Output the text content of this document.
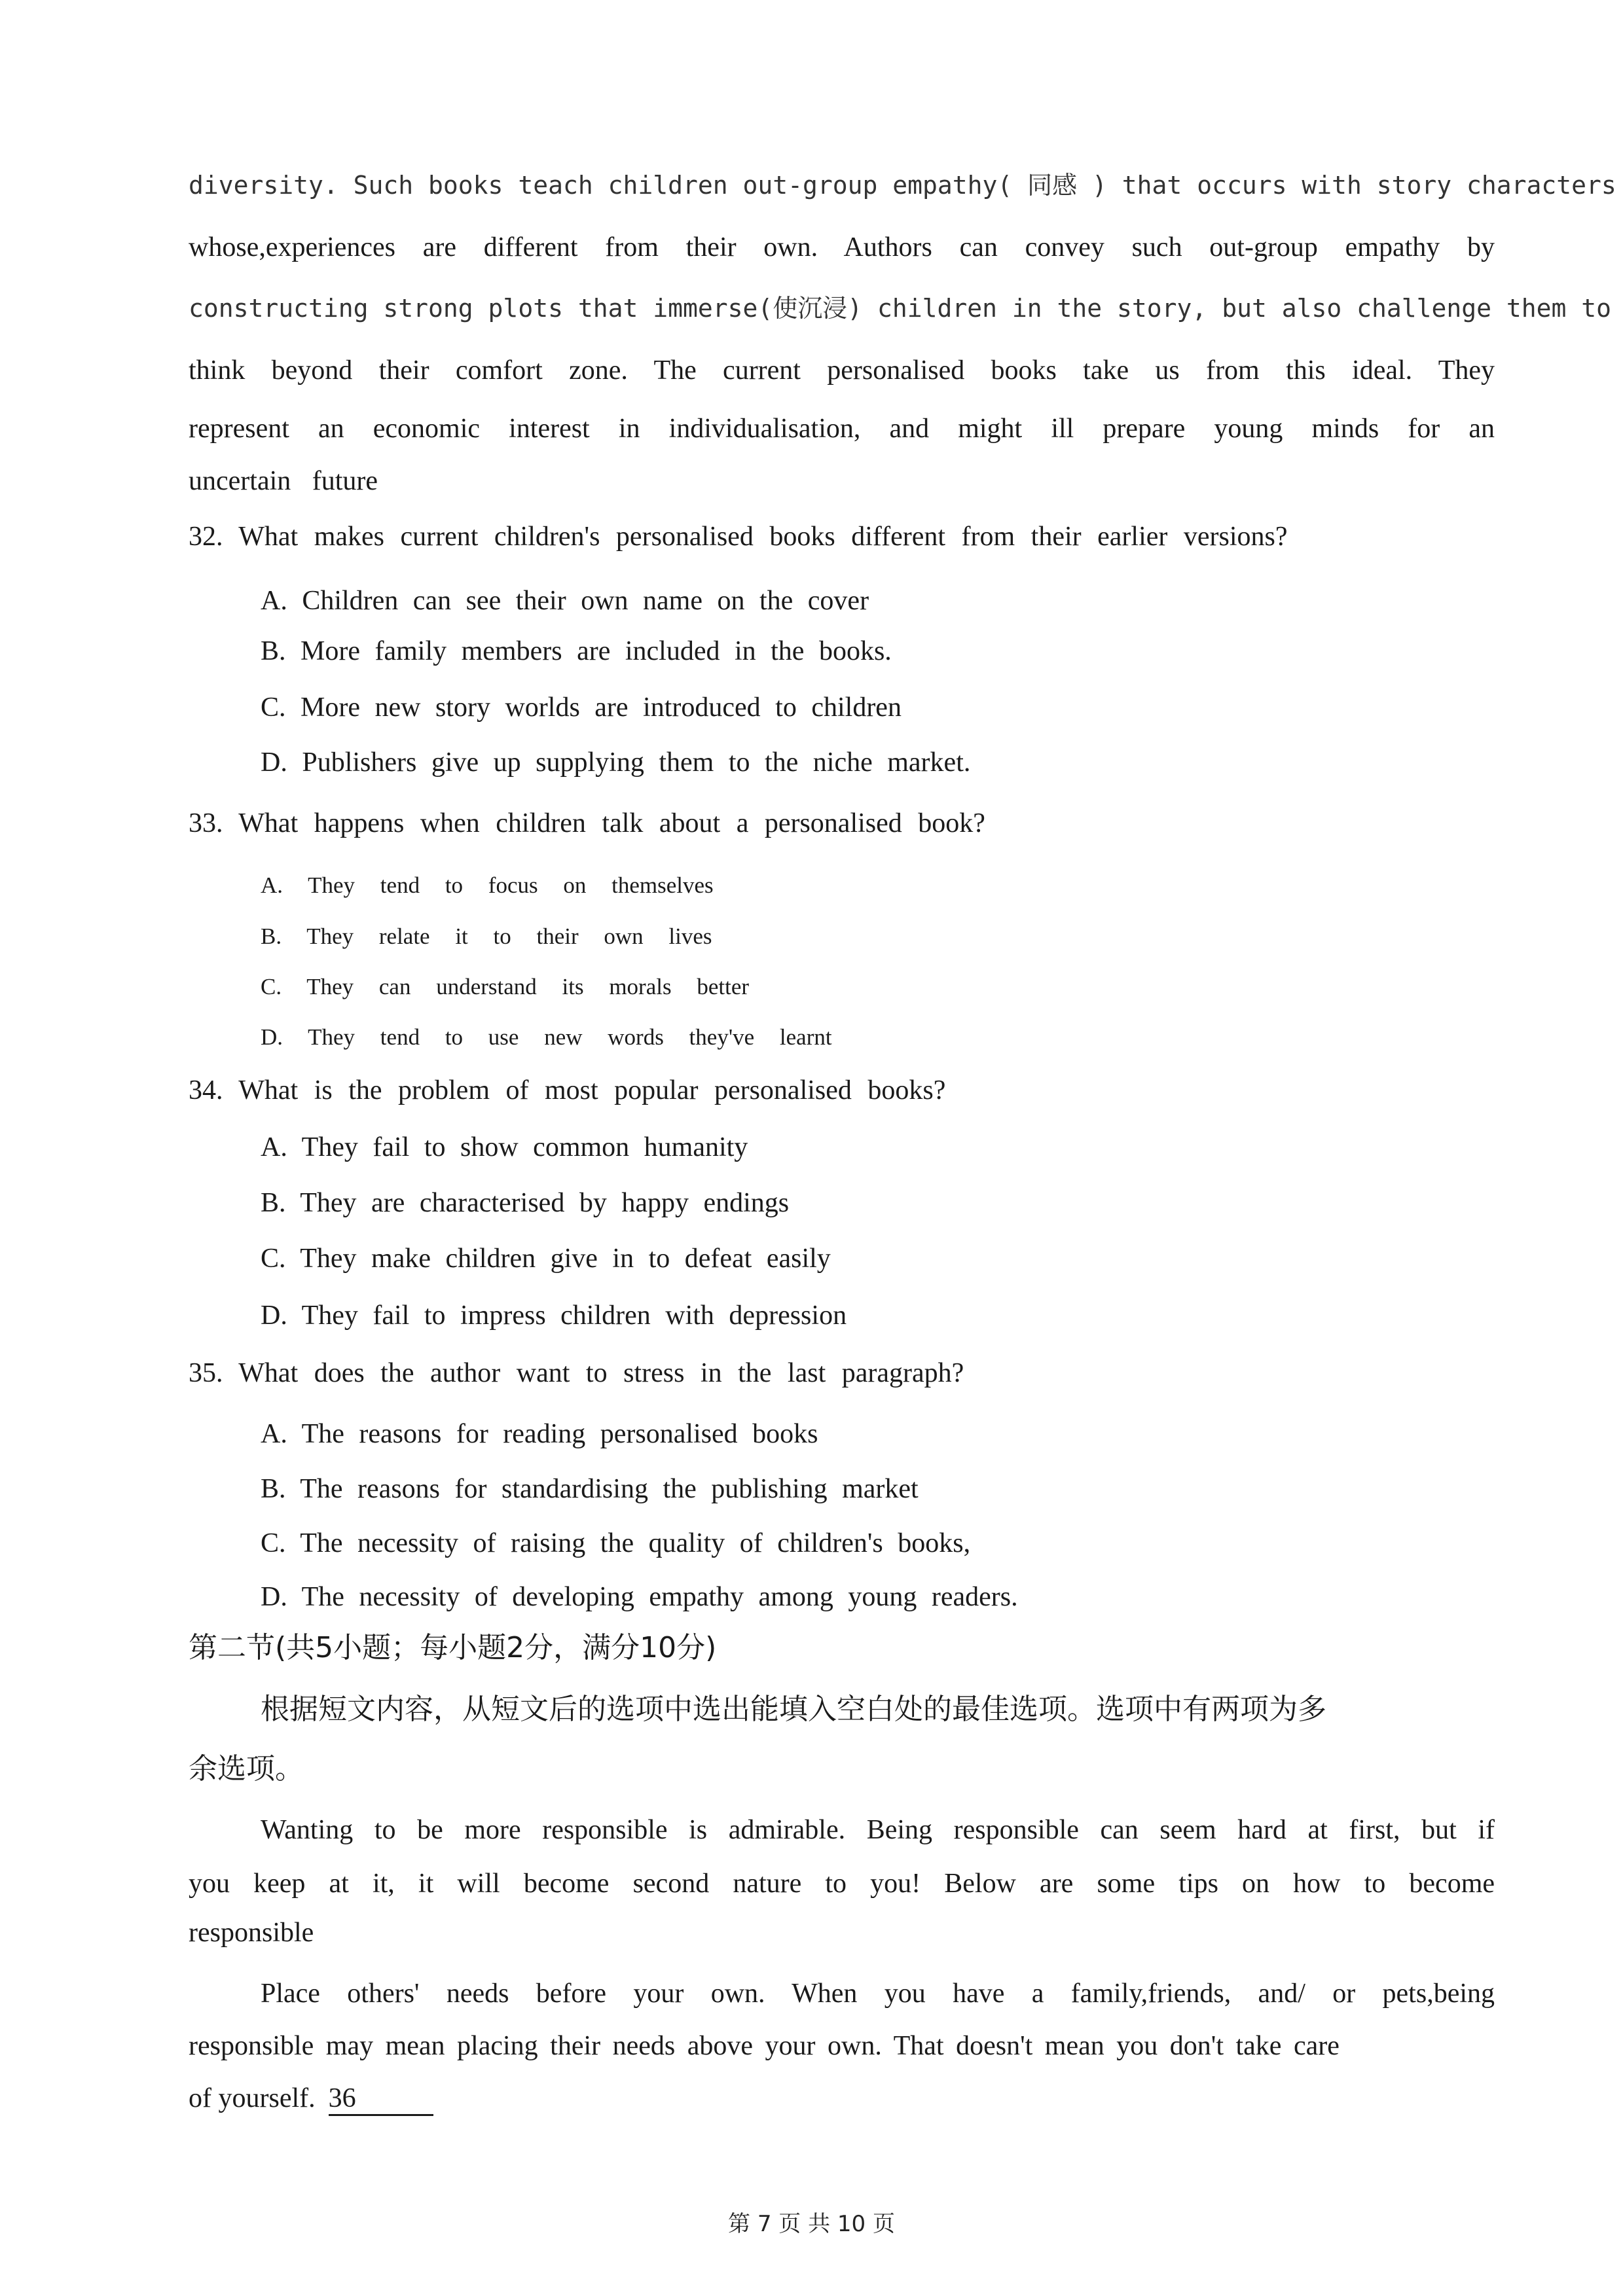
diversity. Such books teach children out-group empathy( 同感 ) that occurs with story characters
whose,experiences are different from their own. Authors can convey such out-group empathy by
constructing strong plots that immerse(使沉浸) children in the story, but also challenge them to
think beyond their comfort zone. The current personalised books take us from this ideal. They
represent an economic interest in individualisation, and might ill prepare young minds for an
uncertain future
32. What makes current children's personalised books different from their earlier versions?
A. Children can see their own name on the cover
B. More family members are included in the books.
C. More new story worlds are introduced to children
D. Publishers give up supplying them to the niche market.
33. What happens when children talk about a personalised book?
A. They tend to focus on themselves
B. They relate it to their own lives
C. They can understand its morals better
D. They tend to use new words they've learnt
34. What is the problem of most popular personalised books?
A. They fail to show common humanity
B. They are characterised by happy endings
C. They make children give in to defeat easily
D. They fail to impress children with depression
35. What does the author want to stress in the last paragraph?
A. The reasons for reading personalised books
B. The reasons for standardising the publishing market
C. The necessity of raising the quality of children's books,
D. The necessity of developing empathy among young readers.
第二节(共5小题；每小题2分，满分10分)
根据短文内容，从短文后的选项中选出能填入空白处的最佳选项。选项中有两项为多
余选项。
Wanting to be more responsible is admirable. Being responsible can seem hard at first, but if
you keep at it, it will become second nature to you! Below are some tips on how to become
responsible
Place others' needs before your own. When you have a family,friends, and/ or pets,being
responsible may mean placing their needs above your own. That doesn't mean you don't take care
of yourself. 36
第 7 页 共 10 页
